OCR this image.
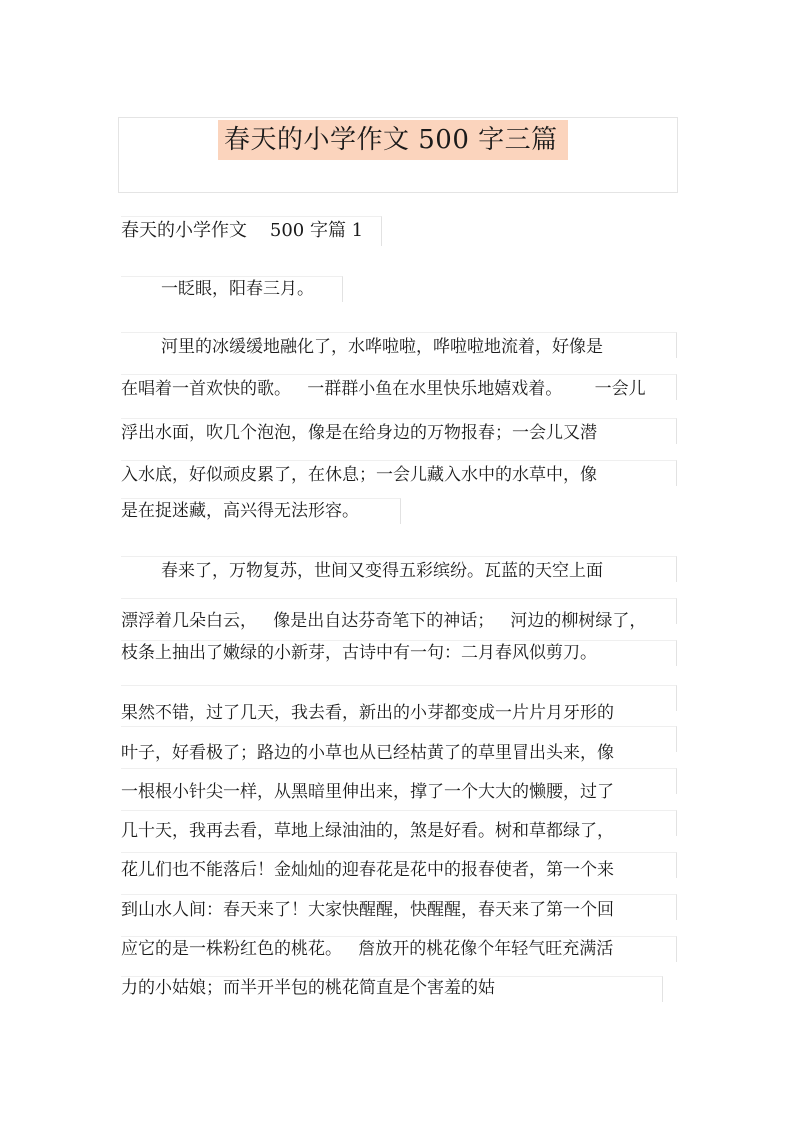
春天的小学作文 500 字三篇
春天的小学作文    500 字篇 1
一眨眼，阳春三月。
河里的冰缓缓地融化了，水哗啦啦，哗啦啦地流着，好像是
在唱着一首欢快的歌。   一群群小鱼在水里快乐地嬉戏着。      一会儿
浮出水面，吹几个泡泡，像是在给身边的万物报春；一会儿又潜
入水底，好似顽皮累了，在休息；一会儿藏入水中的水草中，像
是在捉迷藏，高兴得无法形容。
春来了，万物复苏，世间又变得五彩缤纷。瓦蓝的天空上面
漂浮着几朵白云，   像是出自达芬奇笔下的神话；   河边的柳树绿了，
枝条上抽出了嫩绿的小新芽，古诗中有一句：二月春风似剪刀。
果然不错，过了几天，我去看，新出的小芽都变成一片片月牙形的
叶子，好看极了；路边的小草也从已经枯黄了的草里冒出头来，像
一根根小针尖一样，从黑暗里伸出来，撑了一个大大的懒腰，过了
几十天，我再去看，草地上绿油油的，煞是好看。树和草都绿了，
花儿们也不能落后！金灿灿的迎春花是花中的报春使者，第一个来
到山水人间：春天来了！大家快醒醒，快醒醒，春天来了第一个回
应它的是一株粉红色的桃花。   詹放开的桃花像个年轻气旺充满活
力的小姑娘；而半开半包的桃花简直是个害羞的姑
